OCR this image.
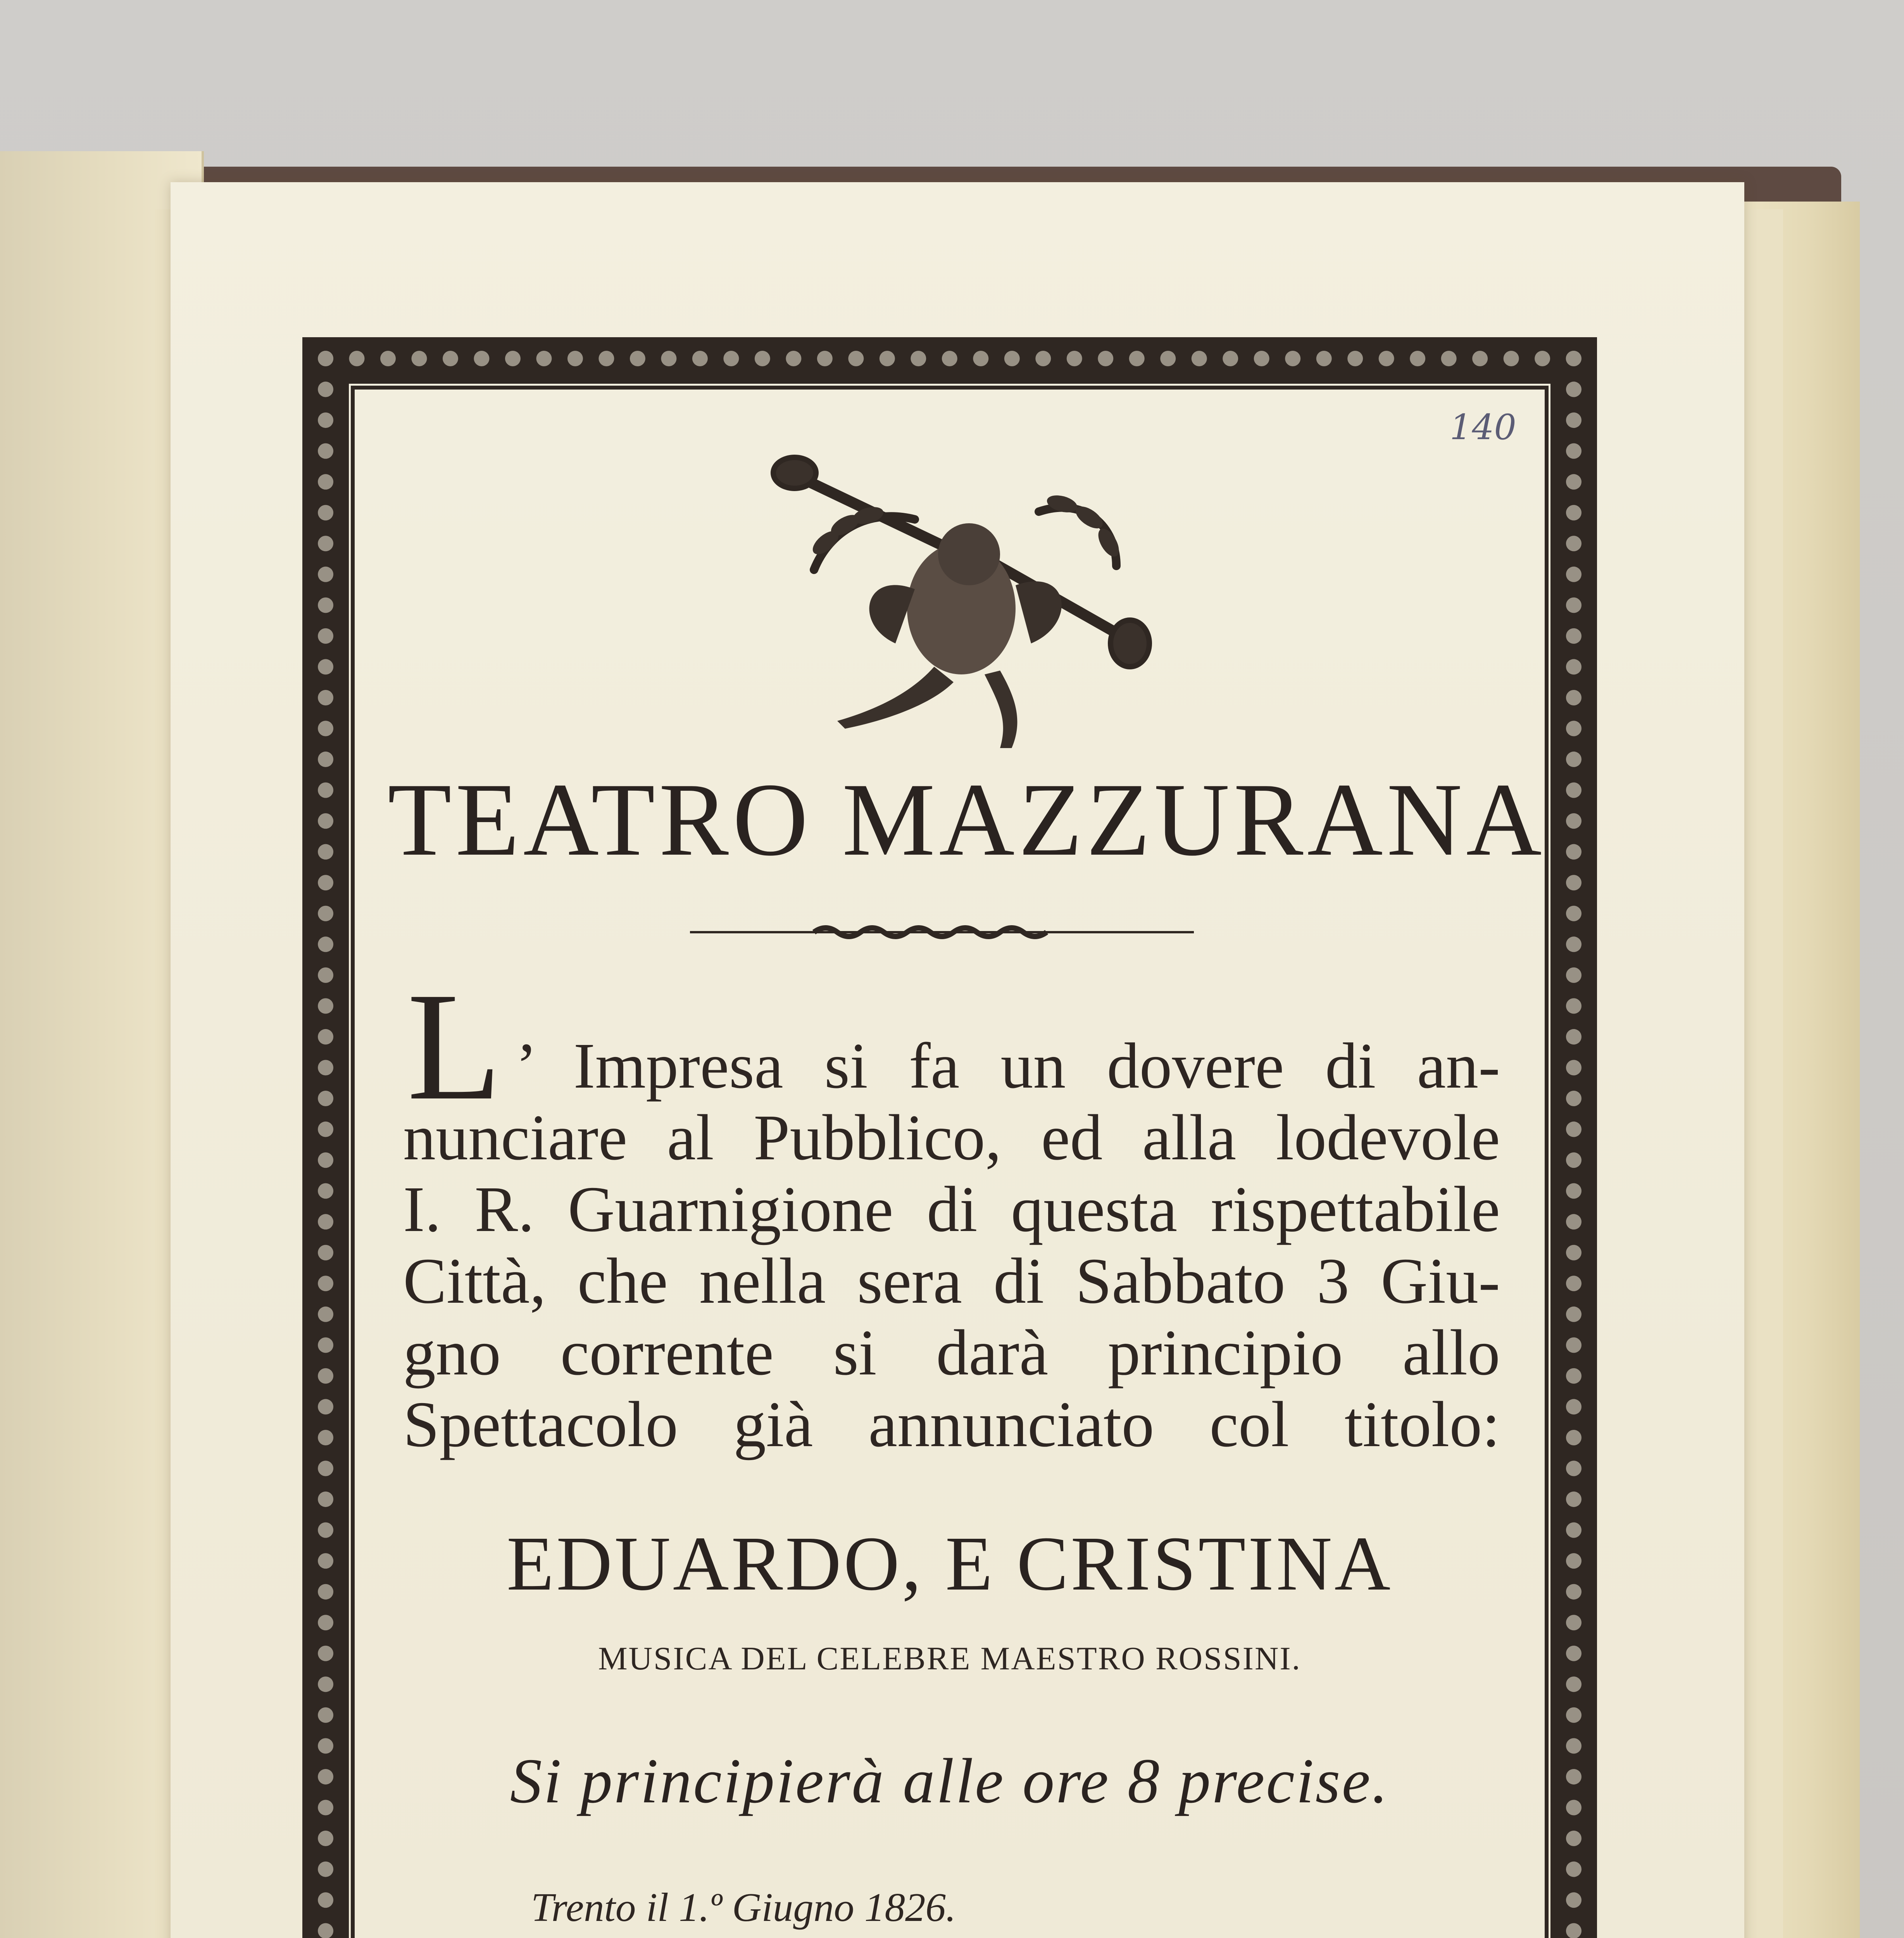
140
TEATRO MAZZURANA
L ’ Impresa si fa un dovere di an-
nunciare al Pubblico, ed alla lodevole
I. R. Guarnigione di questa rispettabile
Città, che nella sera di Sabbato 3 Giu-
gno corrente si darà principio allo
Spettacolo già annunciato col titolo:
EDUARDO, E CRISTINA
MUSICA DEL CELEBRE MAESTRO ROSSINI.
Si principierà alle ore 8 precise.
Trento il 1.º Giugno 1826.
